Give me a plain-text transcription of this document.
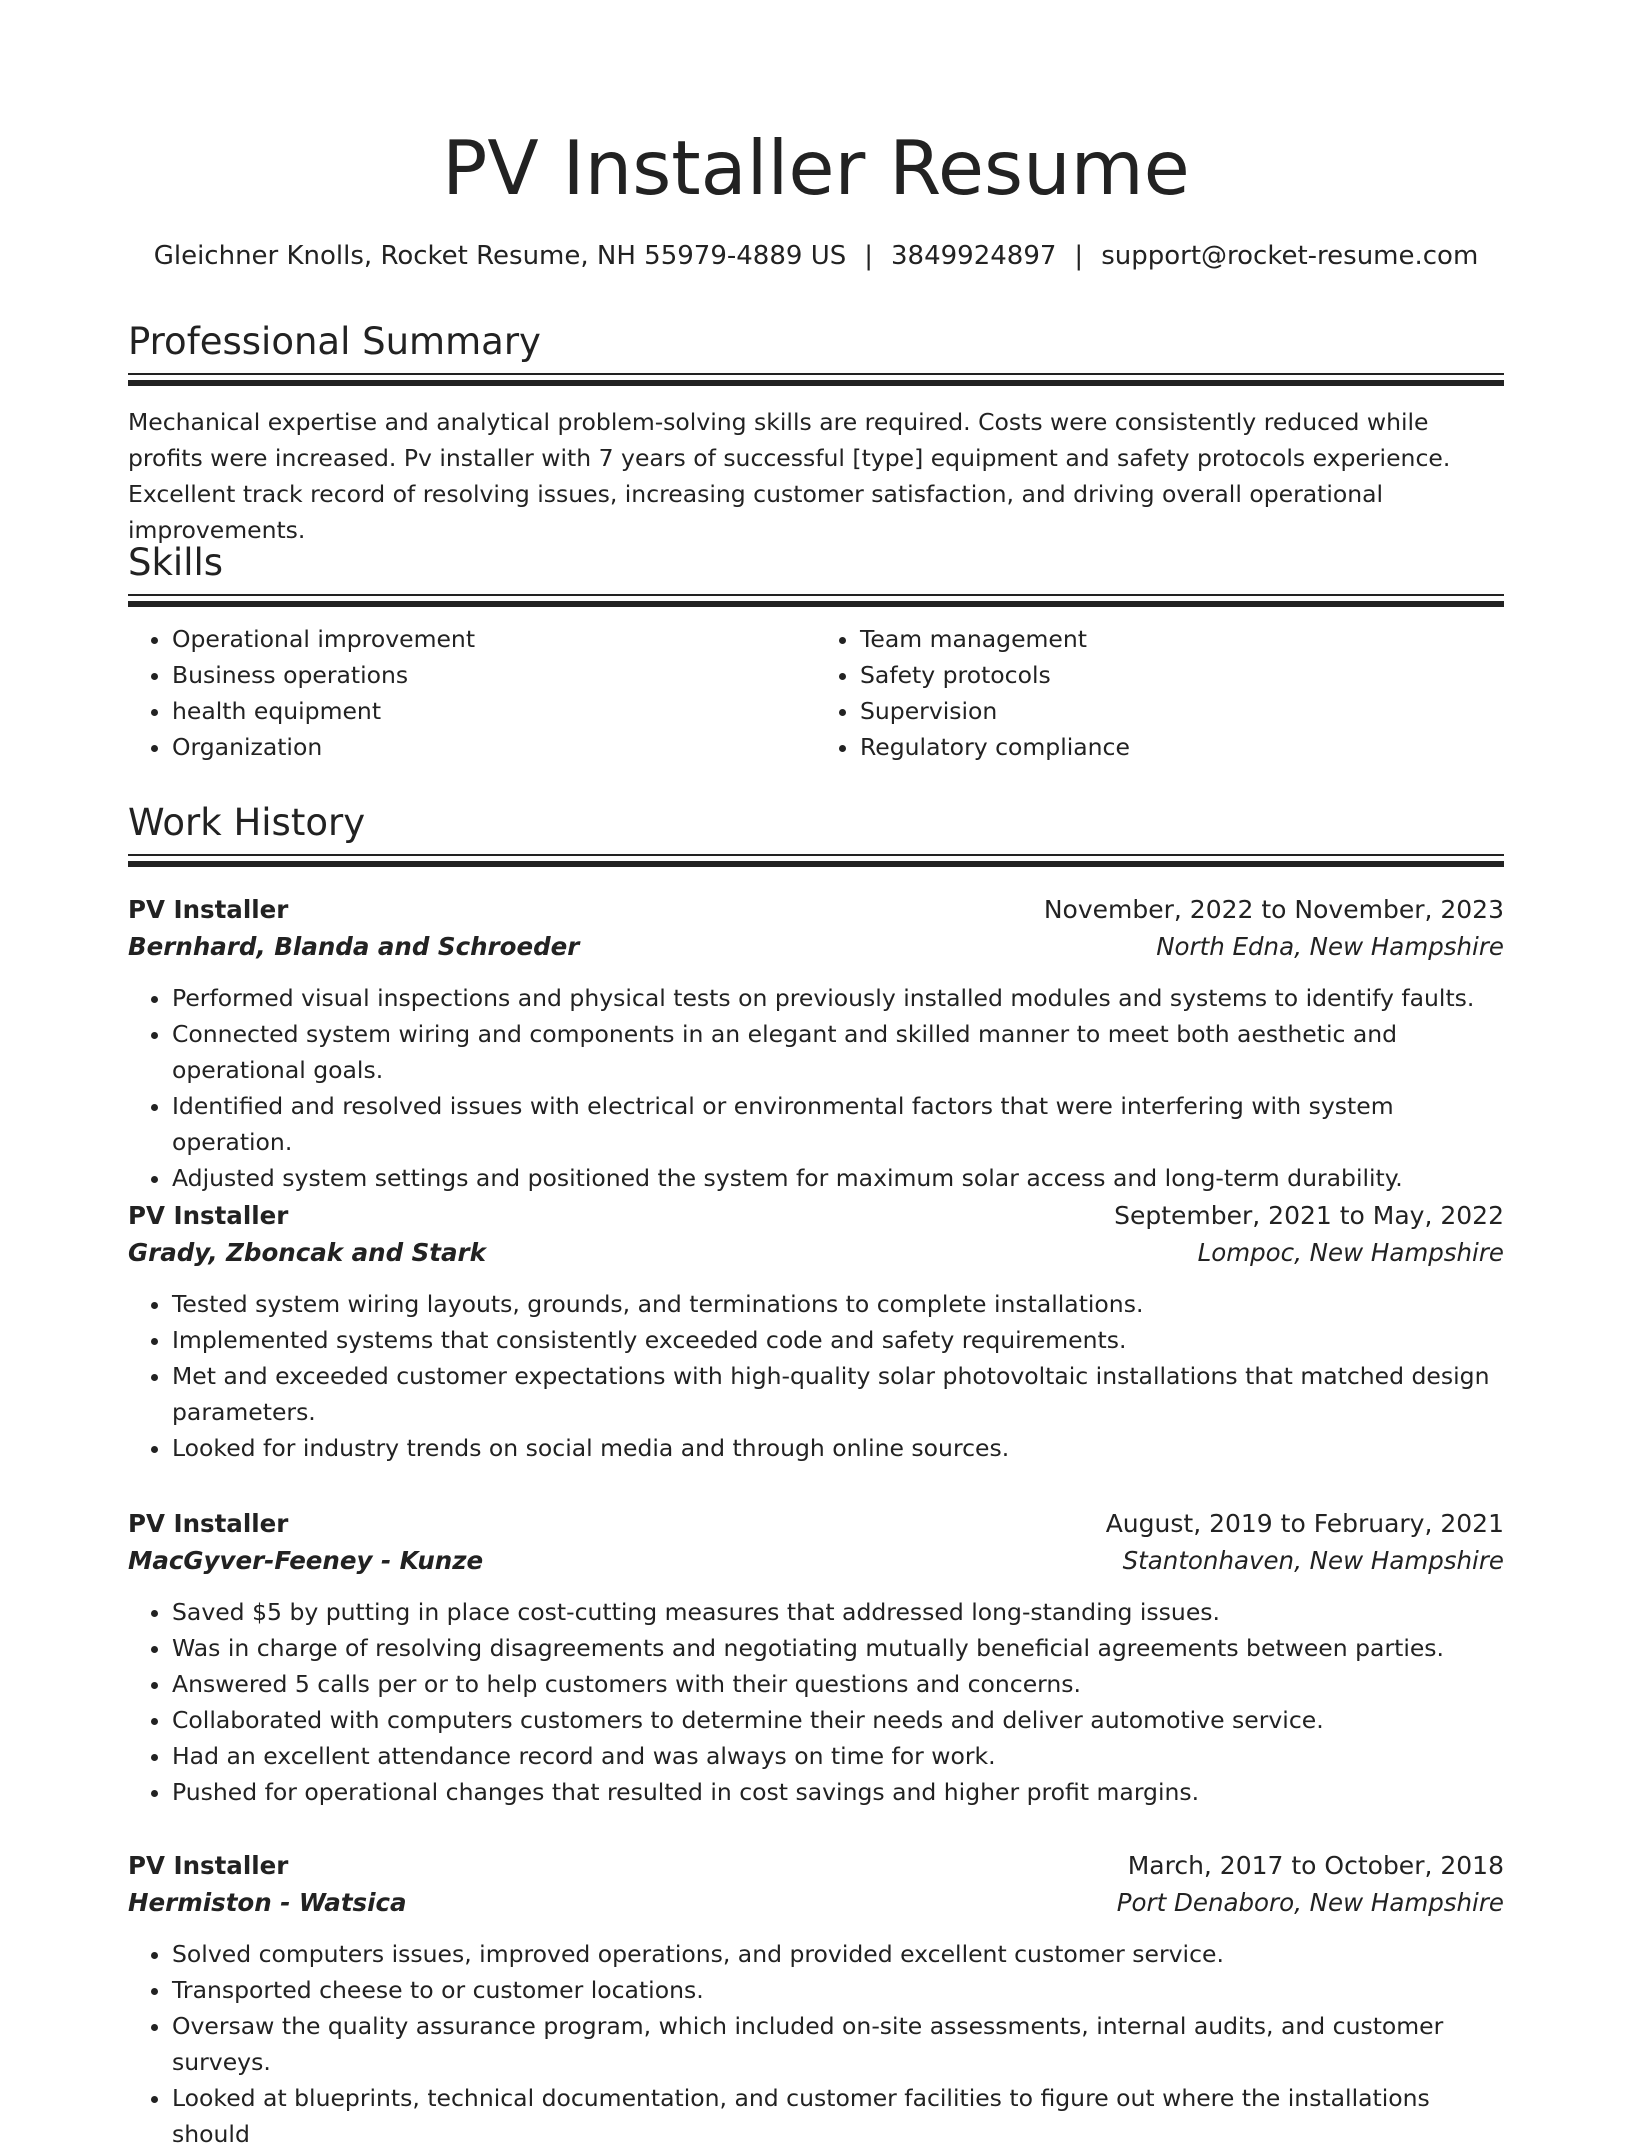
PV Installer Resume
Gleichner Knolls, Rocket Resume, NH 55979-4889 US | 3849924897 | support@rocket-resume.com
Professional Summary

Mechanical expertise and analytical problem-solving skills are required. Costs were consistently reduced while profits were increased. Pv installer with 7 years of successful [type] equipment and safety protocols experience. Excellent track record of resolving issues, increasing customer satisfaction, and driving overall operational improvements.

Skills
• Operational improvement
• Business operations
• health equipment
• Organization
• Team management
• Safety protocols
• Supervision
• Regulatory compliance
Work History
PV Installer	November, 2022 to November, 2023
Bernhard, Blanda and Schroeder	North Edna, New Hampshire
• Performed visual inspections and physical tests on previously installed modules and systems to identify faults.
• Connected system wiring and components in an elegant and skilled manner to meet both aesthetic and operational goals.
• Identified and resolved issues with electrical or environmental factors that were interfering with system operation.
• Adjusted system settings and positioned the system for maximum solar access and long-term durability.
PV Installer	September, 2021 to May, 2022
Grady, Zboncak and Stark	Lompoc, New Hampshire
• Tested system wiring layouts, grounds, and terminations to complete installations.
• Implemented systems that consistently exceeded code and safety requirements.
• Met and exceeded customer expectations with high-quality solar photovoltaic installations that matched design parameters.
• Looked for industry trends on social media and through online sources.
PV Installer	August, 2019 to February, 2021
MacGyver-Feeney - Kunze	Stantonhaven, New Hampshire
• Saved $5 by putting in place cost-cutting measures that addressed long-standing issues.
• Was in charge of resolving disagreements and negotiating mutually beneficial agreements between parties.
• Answered 5 calls per or to help customers with their questions and concerns.
• Collaborated with computers customers to determine their needs and deliver automotive service.
• Had an excellent attendance record and was always on time for work.
• Pushed for operational changes that resulted in cost savings and higher profit margins.
PV Installer	March, 2017 to October, 2018
Hermiston - Watsica	Port Denaboro, New Hampshire
• Solved computers issues, improved operations, and provided excellent customer service.
• Transported cheese to or customer locations.
• Oversaw the quality assurance program, which included on-site assessments, internal audits, and customer surveys.
• Looked at blueprints, technical documentation, and customer facilities to figure out where the installations should
